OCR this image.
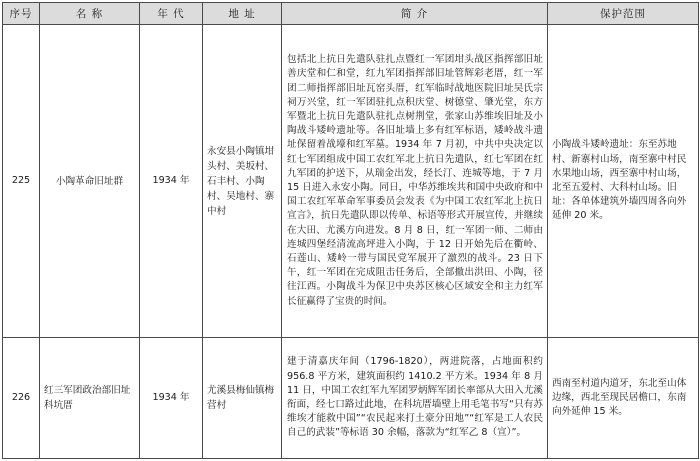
序号	名 称	年 代	地 址	简 介	保护范围
225	小陶革命旧址群	1934 年	永安县小陶镇坩头村、美坂村、石丰村、小陶村、吴地村、寨中村	包括北上抗日先遣队驻扎点暨红一军团坩头战区指挥部旧址善庆堂和仁和堂，红九军团指挥部旧址管辉彩老厝，红一军团二师指挥部旧址瓦窑头厝，红军临时战地医院旧址吴氏宗祠万兴堂，红一军团驻扎点积庆堂、树德堂、肇光堂，东方军暨北上抗日先遣队驻扎点树荆堂，张家山苏维埃旧址及小陶战斗矮岭遗址等。各旧址墙上多有红军标语，矮岭战斗遗址保留着战壕和红军墓。1934 年 7 月初，中共中央决定以红七军团组成中国工农红军北上抗日先遣队，红七军团在红九军团的护送下，从瑞金出发，经长汀、连城等地，于 7 月 15 日进入永安小陶。同日，中华苏维埃共和国中央政府和中国工农红军革命军事委员会发表《为中国工农红军北上抗日宣言》，抗日先遣队即以传单、标语等形式开展宣传，并继续在大田、尤溪方向进发。8 月 8 日，红一军团一师、二师由连城四堡经清流高坪进入小陶，于 12 日开始先后在衢岭、石莲山、矮岭一带与国民党军展开了激烈的战斗。23 日下午，红一军团在完成阻击任务后，全部撤出洪田、小陶，径往江西。小陶战斗为保卫中央苏区核心区域安全和主力红军长征赢得了宝贵的时间。	小陶战斗矮岭遗址：东至苏地村、新寨村山场，南至寨中村民水果地山场，西至寨中村山场，北至五爱村、大科村山场。旧址：各单体建筑外墙四周各向外延伸 20 米。
226	红三军团政治部旧址科坑厝	1934 年	尤溪县梅仙镇梅营村	建于清嘉庆年间（1796-1820），两进院落，占地面积约 956.8 平方米，建筑面积约 1410.2 平方米。1934 年 8 月 11 日，中国工农红军九军团罗炳辉军团长率部从大田入尤溪衔面，经七口路过此地，在科坑厝墙壁上用毛笔书写“只有苏维埃才能救中国”“农民起来打土豪分田地”“红军是工人农民自己的武装”等标语 30 余幅，落款为“红军乙 8（宣）”。	西南至村道内道牙，东北至山体边缘，西北至现民居檐口，东南向外延伸 15 米。
